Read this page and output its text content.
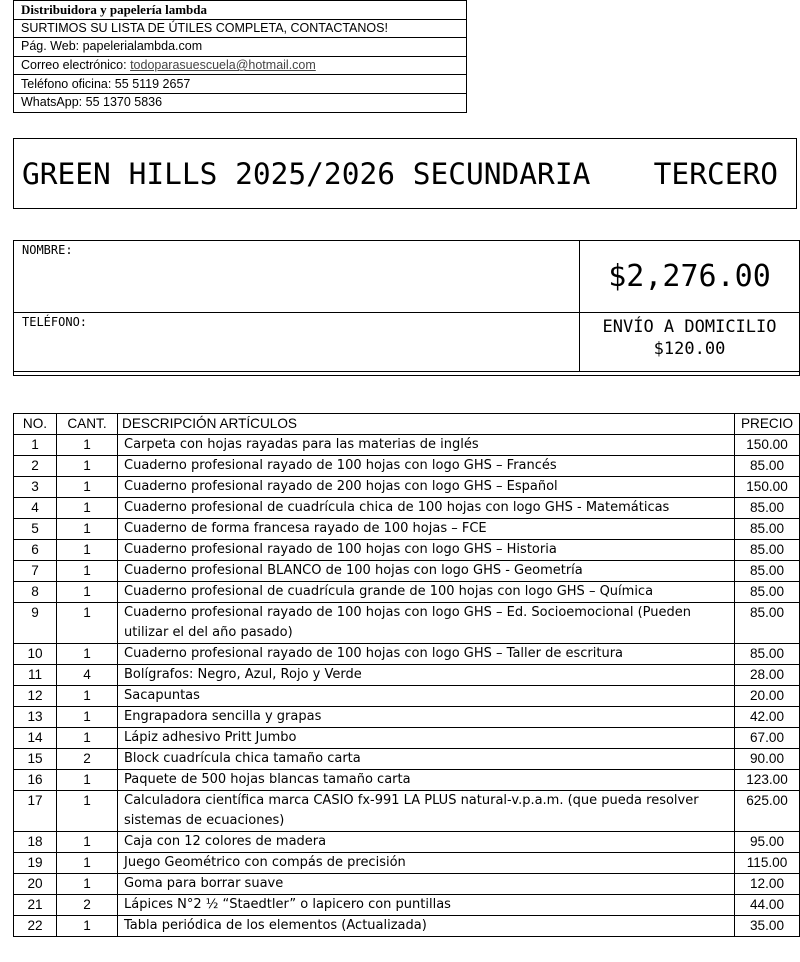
Distribuidora y papelería lambda
SURTIMOS SU LISTA DE ÚTILES COMPLETA, CONTACTANOS!
Pág. Web: papelerialambda.com
Correo electrónico: todoparasuescuela@hotmail.com
Teléfono oficina: 55 5119 2657
WhatsApp: 55 1370 5836
GREEN HILLS 2025/2026 SECUNDARIA TERCERO
NOMBRE:	$2,276.00
TELÉFONO:	ENVÍO A DOMICILIO
$120.00

NO.	CANT.	DESCRIPCIÓN ARTÍCULOS	PRECIO
1	1	Carpeta con hojas rayadas para las materias de inglés	150.00
2	1	Cuaderno profesional rayado de 100 hojas con logo GHS – Francés	85.00
3	1	Cuaderno profesional rayado de 200 hojas con logo GHS – Español	150.00
4	1	Cuaderno profesional de cuadrícula chica de 100 hojas con logo GHS - Matemáticas	85.00
5	1	Cuaderno de forma francesa rayado de 100 hojas – FCE	85.00
6	1	Cuaderno profesional rayado de 100 hojas con logo GHS – Historia	85.00
7	1	Cuaderno profesional BLANCO de 100 hojas con logo GHS - Geometría	85.00
8	1	Cuaderno profesional de cuadrícula grande de 100 hojas con logo GHS – Química	85.00
9	1	Cuaderno profesional rayado de 100 hojas con logo GHS – Ed. Socioemocional (Pueden utilizar el del año pasado)	85.00
10	1	Cuaderno profesional rayado de 100 hojas con logo GHS – Taller de escritura	85.00
11	4	Bolígrafos: Negro, Azul, Rojo y Verde	28.00
12	1	Sacapuntas	20.00
13	1	Engrapadora sencilla y grapas	42.00
14	1	Lápiz adhesivo Pritt Jumbo	67.00
15	2	Block cuadrícula chica tamaño carta	90.00
16	1	Paquete de 500 hojas blancas tamaño carta	123.00
17	1	Calculadora científica marca CASIO fx-991 LA PLUS natural-v.p.a.m. (que pueda resolver sistemas de ecuaciones)	625.00
18	1	Caja con 12 colores de madera	95.00
19	1	Juego Geométrico con compás de precisión	115.00
20	1	Goma para borrar suave	12.00
21	2	Lápices N°2 ½ “Staedtler” o lapicero con puntillas	44.00
22	1	Tabla periódica de los elementos (Actualizada)	35.00
